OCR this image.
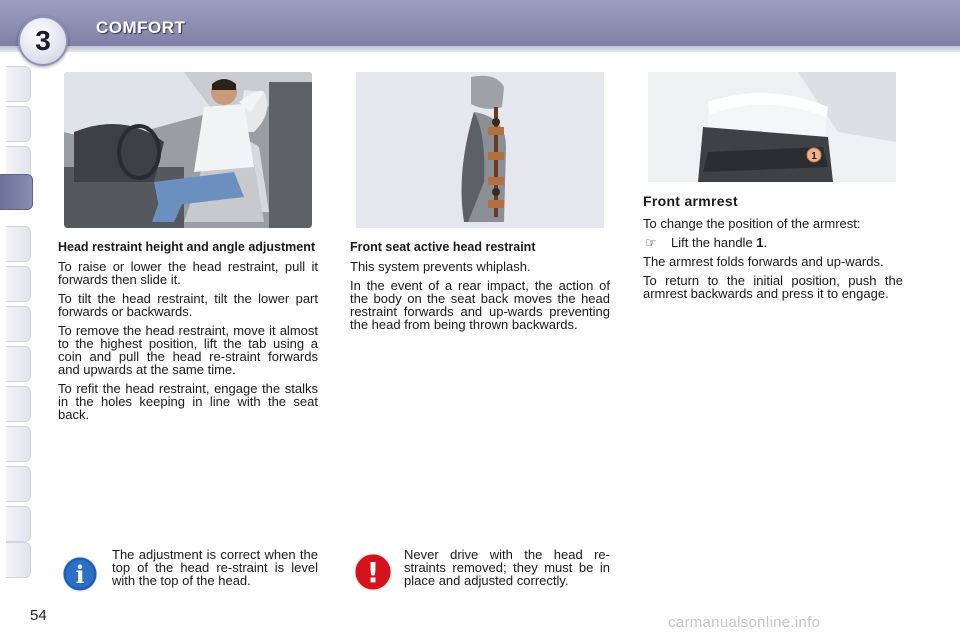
3	COMFORT
1
Head restraint height and angle adjustment

To raise or lower the head restraint, pull it forwards then slide it.

To tilt the head restraint, tilt the lower part forwards or backwards.

To remove the head restraint, move it almost to the highest position, lift the tab using a coin and pull the head re-straint forwards and upwards at the same time.

To refit the head restraint, engage the stalks in the holes keeping in line with the seat back.

Front seat active head restraint

This system prevents whiplash.

In the event of a rear impact, the action of the body on the seat back moves the head restraint forwards and up-wards preventing the head from being thrown backwards.

Front armrest

To change the position of the armrest:

☞ Lift the handle 1.

The armrest folds forwards and up-wards.

To return to the initial position, push the armrest backwards and press it to engage.

i
The adjustment is correct when the top of the head re-straint is level with the top of the head.	!
Never drive with the head re-straints removed; they must be in place and adjusted correctly.
54	carmanualsonline.info
